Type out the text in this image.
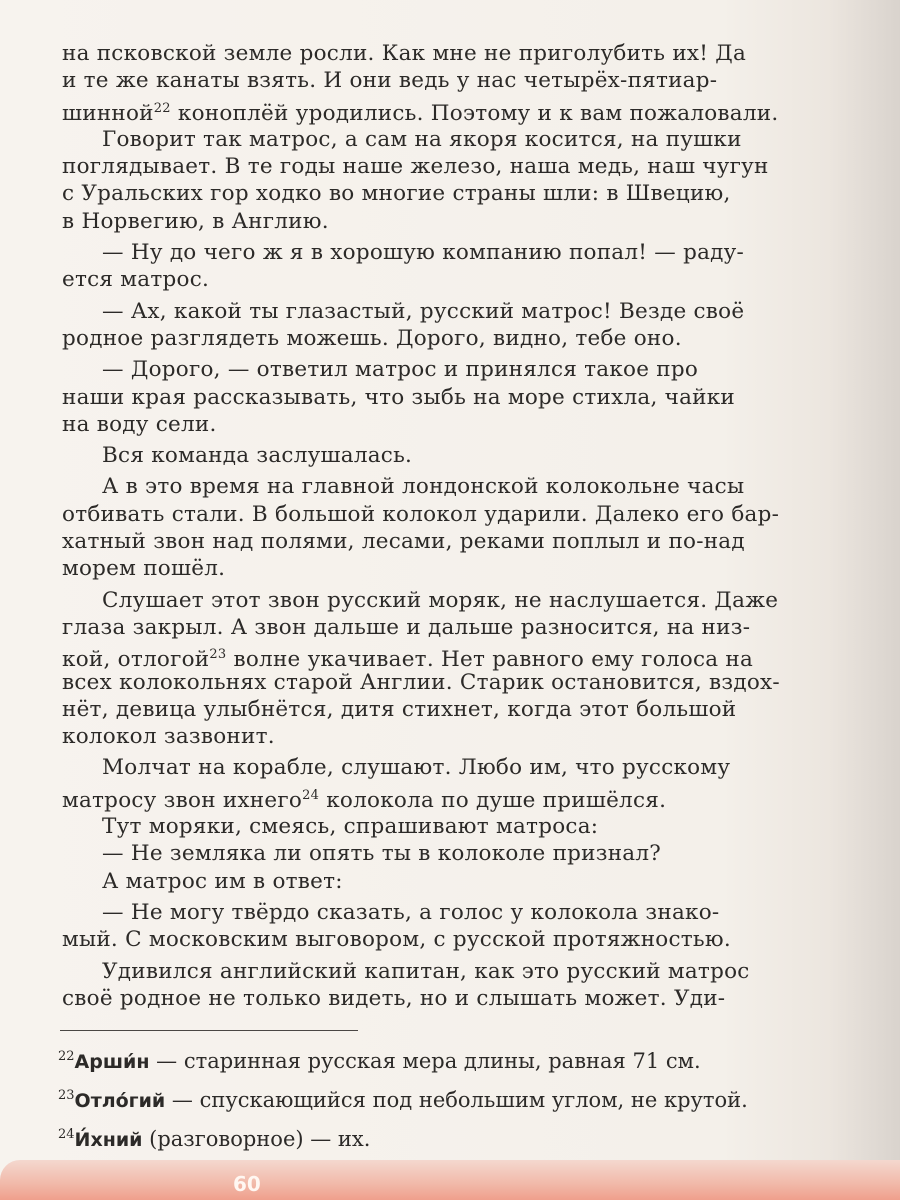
на псковской земле росли. Как мне не приголубить их! Да
и те же канаты взять. И они ведь у нас четырёх-пятиар-
шинной$^{22}$ коноплёй уродились. Поэтому и к вам пожаловали.
Говорит так матрос, а сам на якоря косится, на пушки
поглядывает. В те годы наше железо, наша медь, наш чугун
с Уральских гор ходко во многие страны шли: в Швецию,
в Норвегию, в Англию.
— Ну до чего ж я в хорошую компанию попал! — раду-
ется матрос.
— Ах, какой ты глазастый, русский матрос! Везде своё
родное разглядеть можешь. Дорого, видно, тебе оно.
— Дорого, — ответил матрос и принялся такое про
наши края рассказывать, что зыбь на море стихла, чайки
на воду сели.
Вся команда заслушалась.
А в это время на главной лондонской колокольне часы
отбивать стали. В большой колокол ударили. Далеко его бар-
хатный звон над полями, лесами, реками поплыл и по-над
морем пошёл.
Слушает этот звон русский моряк, не наслушается. Даже
глаза закрыл. А звон дальше и дальше разносится, на низ-
кой, отлогой$^{23}$ волне укачивает. Нет равного ему голоса на
всех колокольнях старой Англии. Старик остановится, вздох-
нёт, девица улыбнётся, дитя стихнет, когда этот большой
колокол зазвонит.
Молчат на корабле, слушают. Любо им, что русскому
матросу звон ихнего$^{24}$ колокола по душе пришёлся.
Тут моряки, смеясь, спрашивают матроса:
— Не земляка ли опять ты в колоколе признал?
А матрос им в ответ:
— Не могу твёрдо сказать, а голос у колокола знако-
мый. С московским выговором, с русской протяжностью.
Удивился английский капитан, как это русский матрос
своё родное не только видеть, но и слышать может. Уди-
$^{22}$Арши́н — старинная русская мера длины, равная 71 см.
$^{23}$Отло́гий — спускающийся под небольшим углом, не крутой.
$^{24}$И́хний (разговорное) — их.
60
